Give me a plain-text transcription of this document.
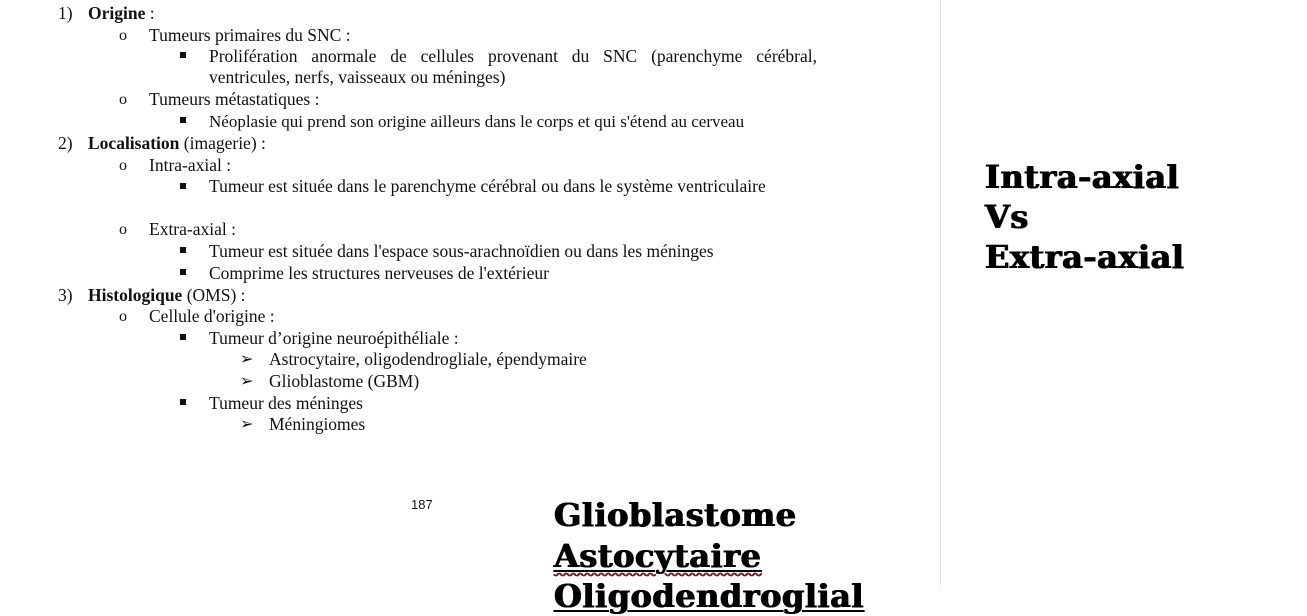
1) Origine :
o Tumeurs primaires du SNC :
Prolifération anormale de cellules provenant du SNC (parenchyme cérébral, ventricules, nerfs, vaisseaux ou méninges)
o Tumeurs métastatiques :
Néoplasie qui prend son origine ailleurs dans le corps et qui s'étend au cerveau
2) Localisation (imagerie) :
o Intra-axial :
Tumeur est située dans le parenchyme cérébral ou dans le système ventriculaire
o Extra-axial :
Tumeur est située dans l'espace sous-arachnoïdien ou dans les méninges
Comprime les structures nerveuses de l'extérieur
3) Histologique (OMS) :
o Cellule d'origine :
Tumeur d’origine neuroépithéliale :
➢ Astrocytaire, oligodendrogliale, épendymaire
➢ Glioblastome (GBM)
Tumeur des méninges
➢ Méningiomes
187	Glioblastome
Astocytaire
Oligodendroglial
Intra-axial
Vs
Extra-axial
